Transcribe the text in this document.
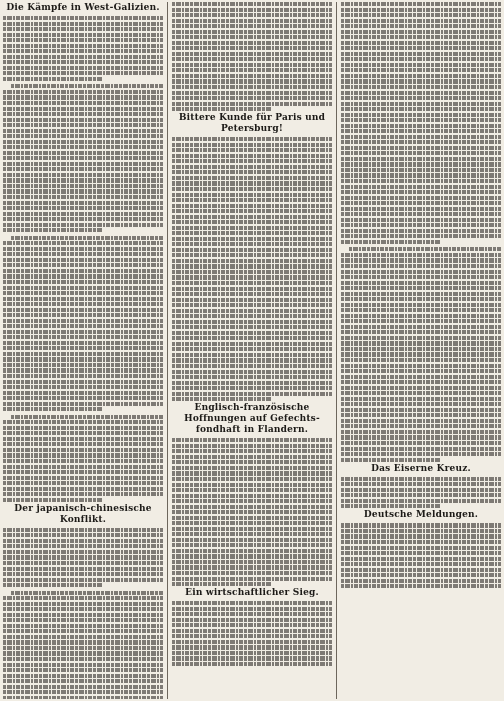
Die Kämpfe in West-Galizien.
Der japanisch-chinesische Konflikt.
Bittere Kunde für Paris und Petersburg!
Englisch-französische Hoffnungen auf Gefechts-fondhaft in Flandern.
Ein wirtschaftlicher Sieg.
Das Eiserne Kreuz.
Deutsche Meldungen.
